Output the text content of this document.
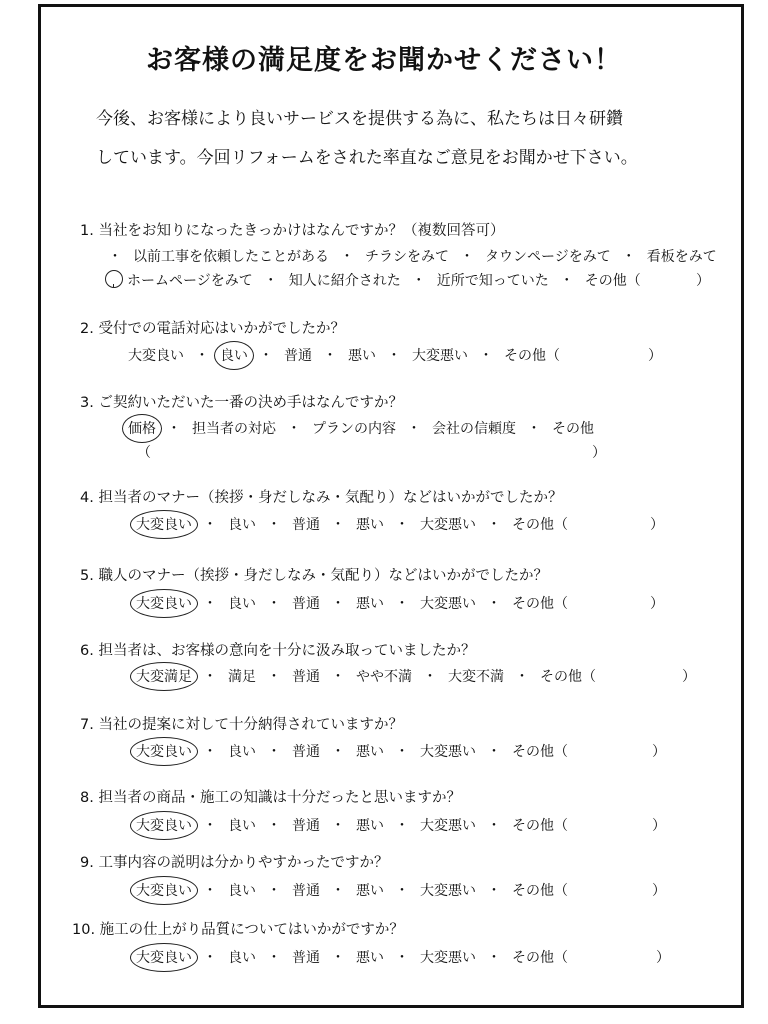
お客様の満足度をお聞かせください！
今後、お客様により良いサービスを提供する為に、私たちは日々研鑽
しています。今回リフォームをされた率直なご意見をお聞かせ下さい。
1. 当社をお知りになったきっかけはなんですか？（複数回答可）
・ 以前工事を依頼したことがある ・ チラシをみて ・ タウンページをみて ・ 看板をみて
ホームページをみて ・ 知人に紹介された ・ 近所で知っていた ・ その他（	）
2. 受付での電話対応はいかがでしたか？
大変良い ・ 良い ・ 普通 ・ 悪い ・ 大変悪い ・ その他（	）
3. ご契約いただいた一番の決め手はなんですか？
価格 ・ 担当者の対応 ・ プランの内容 ・ 会社の信頼度 ・ その他
（	）
4. 担当者のマナー（挨拶・身だしなみ・気配り）などはいかがでしたか？
大変良い ・ 良い ・ 普通 ・ 悪い ・ 大変悪い ・ その他（	）
5. 職人のマナー（挨拶・身だしなみ・気配り）などはいかがでしたか？
大変良い ・ 良い ・ 普通 ・ 悪い ・ 大変悪い ・ その他（	）
6. 担当者は、お客様の意向を十分に汲み取っていましたか？
大変満足 ・ 満足 ・ 普通 ・ やや不満 ・ 大変不満 ・ その他（	）
7. 当社の提案に対して十分納得されていますか？
大変良い ・ 良い ・ 普通 ・ 悪い ・ 大変悪い ・ その他（	）
8. 担当者の商品・施工の知識は十分だったと思いますか？
大変良い ・ 良い ・ 普通 ・ 悪い ・ 大変悪い ・ その他（	）
9. 工事内容の説明は分かりやすかったですか？
大変良い ・ 良い ・ 普通 ・ 悪い ・ 大変悪い ・ その他（	）
10. 施工の仕上がり品質についてはいかがですか？
大変良い ・ 良い ・ 普通 ・ 悪い ・ 大変悪い ・ その他（	）
